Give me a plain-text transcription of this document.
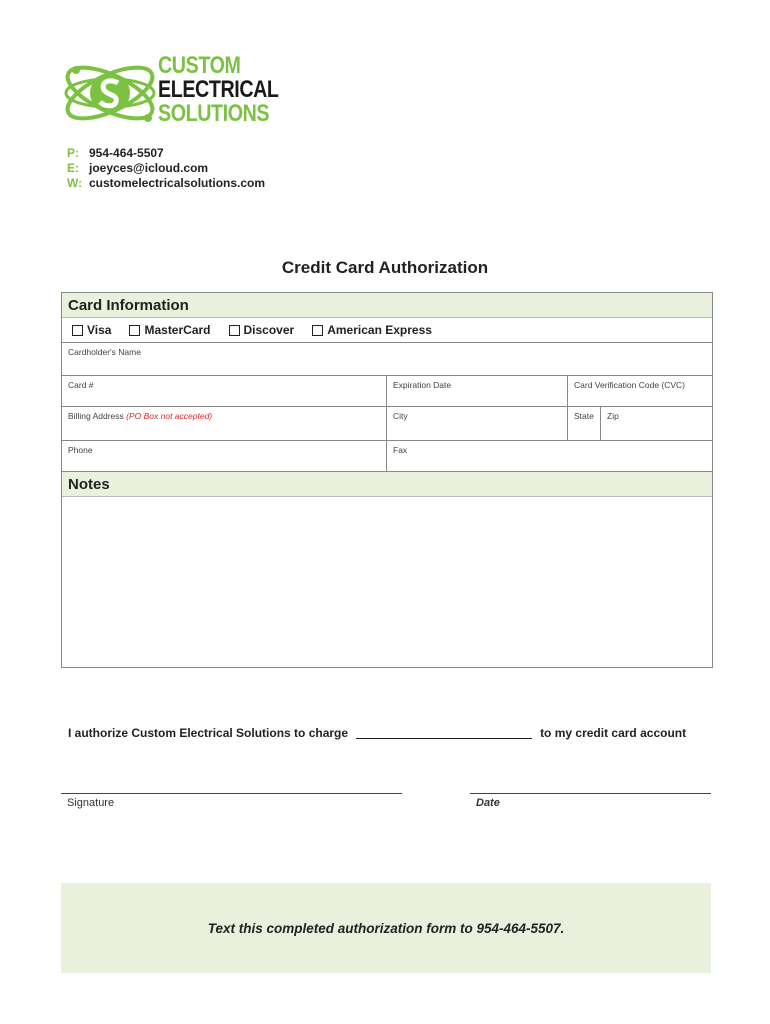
CUSTOM
ELECTRICAL
SOLUTIONS
P: 954-464-5507
E: joeyces@icloud.com
W: customelectricalsolutions.com
Credit Card Authorization
Card Information
Visa	MasterCard	Discover	American Express
Cardholder's Name
Card #	Expiration Date	Card Verification Code (CVC)
Billing Address (PO Box not accepted)	City	State	Zip
Phone	Fax
Notes
I authorize Custom Electrical Solutions to charge	to my credit card account
Signature	Date
Text this completed authorization form to 954-464-5507.
